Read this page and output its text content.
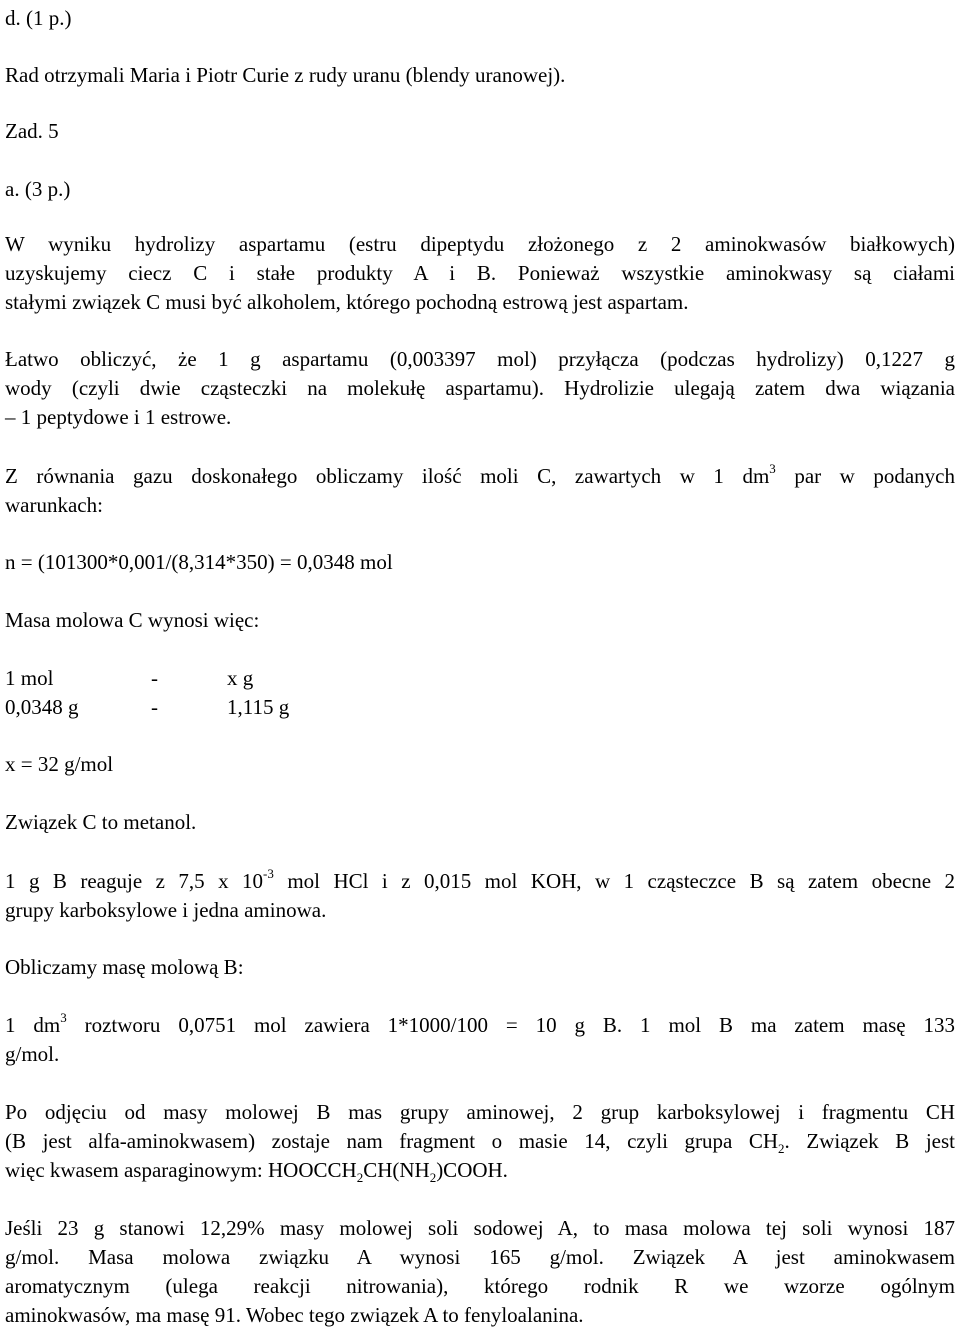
d. (1 p.)
Rad otrzymali Maria i Piotr Curie z rudy uranu (blendy uranowej).
Zad. 5
a. (3 p.)
W wyniku hydrolizy aspartamu (estru dipeptydu złożonego z 2 aminokwasów białkowych)
uzyskujemy ciecz C i stałe produkty A i B. Ponieważ wszystkie aminokwasy są ciałami
stałymi związek C musi być alkoholem, którego pochodną estrową jest aspartam.
Łatwo obliczyć, że 1 g aspartamu (0,003397 mol) przyłącza (podczas hydrolizy) 0,1227 g
wody (czyli dwie cząsteczki na molekułę aspartamu). Hydrolizie ulegają zatem dwa wiązania
– 1 peptydowe i 1 estrowe.
Z równania gazu doskonałego obliczamy ilość moli C, zawartych w 1 $dm^3$ par w podanych
warunkach:
n = (101300*0,001/(8,314*350) = 0,0348 mol
Masa molowa C wynosi więc:
1 mol	-	x g
0,0348 g	-	1,115 g
x = 32 g/mol
Związek C to metanol.
1 g B reaguje z 7,5 x $10^{-3}$ mol HCl i z 0,015 mol KOH, w 1 cząsteczce B są zatem obecne 2
grupy karboksylowe i jedna aminowa.
Obliczamy masę molową B:
1 $dm^3$ roztworu 0,0751 mol zawiera 1*1000/100 = 10 g B. 1 mol B ma zatem masę 133
g/mol.
Po odjęciu od masy molowej B mas grupy aminowej, 2 grup karboksylowej i fragmentu CH
(B jest alfa-aminokwasem) zostaje nam fragment o masie 14, czyli grupa $CH_2$. Związek B jest
więc kwasem asparaginowym: $HOOCCH_2CH(NH_2)COOH$.
Jeśli 23 g stanowi 12,29% masy molowej soli sodowej A, to masa molowa tej soli wynosi 187
g/mol. Masa molowa związku A wynosi 165 g/mol. Związek A jest aminokwasem
aromatycznym (ulega reakcji nitrowania), którego rodnik R we wzorze ogólnym
aminokwasów, ma masę 91. Wobec tego związek A to fenyloalanina.
